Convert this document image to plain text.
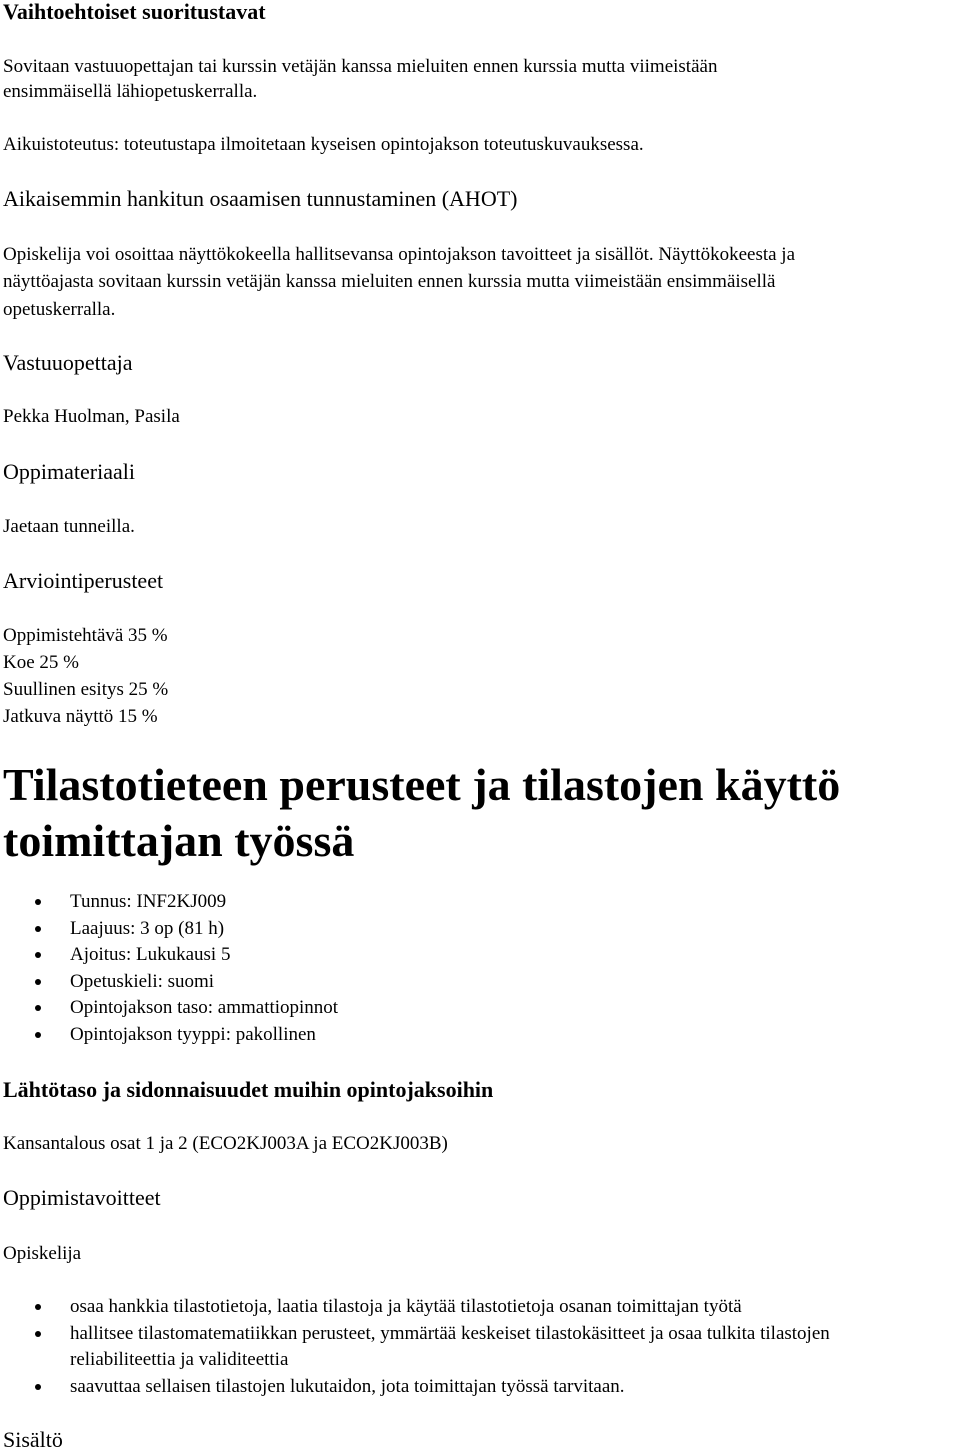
Vaihtoehtoiset suoritustavat
Sovitaan vastuuopettajan tai kurssin vetäjän kanssa mieluiten ennen kurssia mutta viimeistään
ensimmäisellä lähiopetuskerralla.
Aikuistoteutus: toteutustapa ilmoitetaan kyseisen opintojakson toteutuskuvauksessa.
Aikaisemmin hankitun osaamisen tunnustaminen (AHOT)
Opiskelija voi osoittaa näyttökokeella hallitsevansa opintojakson tavoitteet ja sisällöt. Näyttökokeesta ja
näyttöajasta sovitaan kurssin vetäjän kanssa mieluiten ennen kurssia mutta viimeistään ensimmäisellä
opetuskerralla.
Vastuuopettaja
Pekka Huolman, Pasila
Oppimateriaali
Jaetaan tunneilla.
Arviointiperusteet
Oppimistehtävä 35 %
Koe 25 %
Suullinen esitys 25 %
Jatkuva näyttö 15 %
Tilastotieteen perusteet ja tilastojen käyttö
toimittajan työssä
Tunnus: INF2KJ009
Laajuus: 3 op (81 h)
Ajoitus: Lukukausi 5
Opetuskieli: suomi
Opintojakson taso: ammattiopinnot
Opintojakson tyyppi: pakollinen
Lähtötaso ja sidonnaisuudet muihin opintojaksoihin
Kansantalous osat 1 ja 2 (ECO2KJ003A ja ECO2KJ003B)
Oppimistavoitteet
Opiskelija
osaa hankkia tilastotietoja, laatia tilastoja ja käytää tilastotietoja osanan toimittajan työtä
hallitsee tilastomatematiikkan perusteet, ymmärtää keskeiset tilastokäsitteet ja osaa tulkita tilastojen reliabiliteettia ja validiteettia
saavuttaa sellaisen tilastojen lukutaidon, jota toimittajan työssä tarvitaan.
Sisältö
